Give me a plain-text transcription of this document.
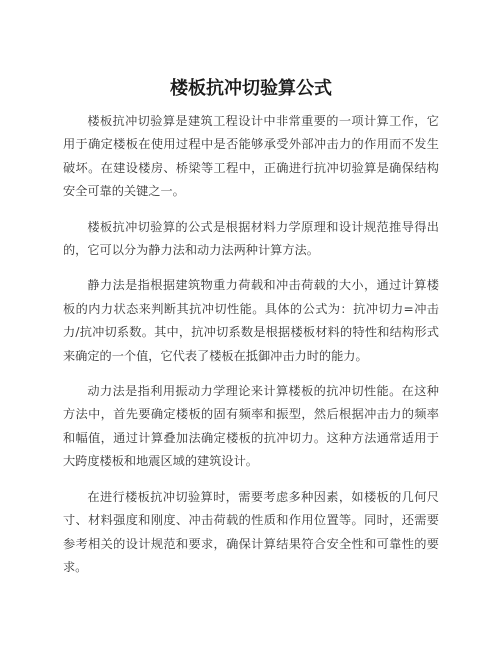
楼板抗冲切验算公式

楼板抗冲切验算是建筑工程设计中非常重要的一项计算工作，它用于确定楼板在使用过程中是否能够承受外部冲击力的作用而不发生破坏。在建设楼房、桥梁等工程中，正确进行抗冲切验算是确保结构安全可靠的关键之一。

楼板抗冲切验算的公式是根据材料力学原理和设计规范推导得出的，它可以分为静力法和动力法两种计算方法。

静力法是指根据建筑物重力荷载和冲击荷载的大小，通过计算楼板的内力状态来判断其抗冲切性能。具体的公式为：抗冲切力=冲击力/抗冲切系数。其中，抗冲切系数是根据楼板材料的特性和结构形式来确定的一个值，它代表了楼板在抵御冲击力时的能力。

动力法是指利用振动力学理论来计算楼板的抗冲切性能。在这种方法中，首先要确定楼板的固有频率和振型，然后根据冲击力的频率和幅值，通过计算叠加法确定楼板的抗冲切力。这种方法通常适用于大跨度楼板和地震区域的建筑设计。

在进行楼板抗冲切验算时，需要考虑多种因素，如楼板的几何尺寸、材料强度和刚度、冲击荷载的性质和作用位置等。同时，还需要参考相关的设计规范和要求，确保计算结果符合安全性和可靠性的要求。
